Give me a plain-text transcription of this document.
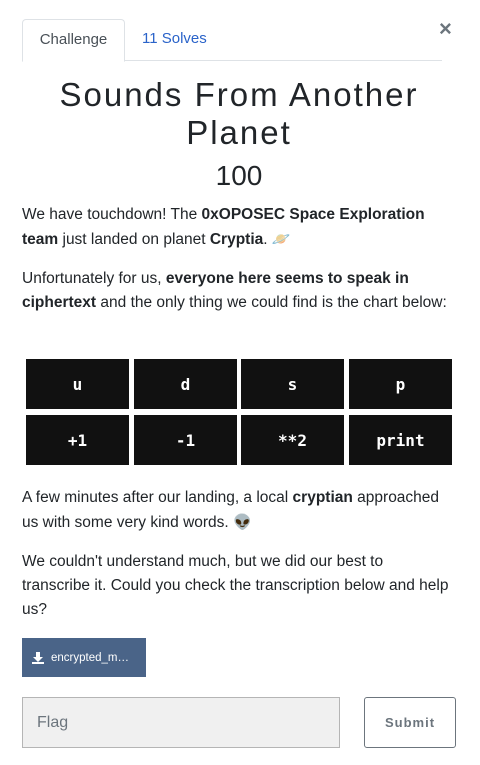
Challenge	11 Solves	×
Sounds From Another Planet
100
We have touchdown! The 0xOPOSEC Space Exploration team just landed on planet Cryptia. 🪐
Unfortunately for us, everyone here seems to speak in ciphertext and the only thing we could find is the chart below:
u	d	s	p
+1	-1	**2	print
A few minutes after our landing, a local cryptian approached us with some very kind words. 👽
We couldn't understand much, but we did our best to transcribe it. Could you check the transcription below and help us?
encrypted_m…
Flag
Submit
